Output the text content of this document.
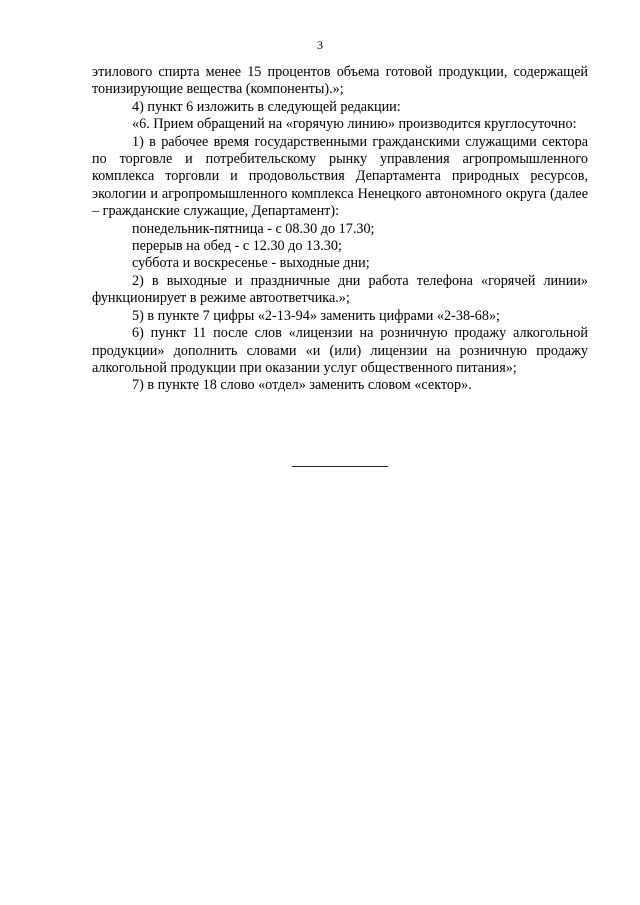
3

этилового спирта менее 15 процентов объема готовой продукции, содержащей тонизирующие вещества (компоненты).»;

4) пункт 6 изложить в следующей редакции:

«6. Прием обращений на «горячую линию» производится круглосуточно:

1) в рабочее время государственными гражданскими служащими сектора по торговле и потребительскому рынку управления агропромышленного комплекса торговли и продовольствия Департамента природных ресурсов, экологии и агропромышленного комплекса Ненецкого автономного округа (далее – гражданские служащие, Департамент):

понедельник-пятница - с 08.30 до 17.30;

перерыв на обед - с 12.30 до 13.30;

суббота и воскресенье - выходные дни;

2) в выходные и праздничные дни работа телефона «горячей линии» функционирует в режиме автоответчика.»;

5) в пункте 7 цифры «2-13-94» заменить цифрами «2-38-68»;

6) пункт 11 после слов «лицензии на розничную продажу алкогольной продукции» дополнить словами «и (или) лицензии на розничную продажу алкогольной продукции при оказании услуг общественного питания»;

7) в пункте 18 слово «отдел» заменить словом «сектор».
